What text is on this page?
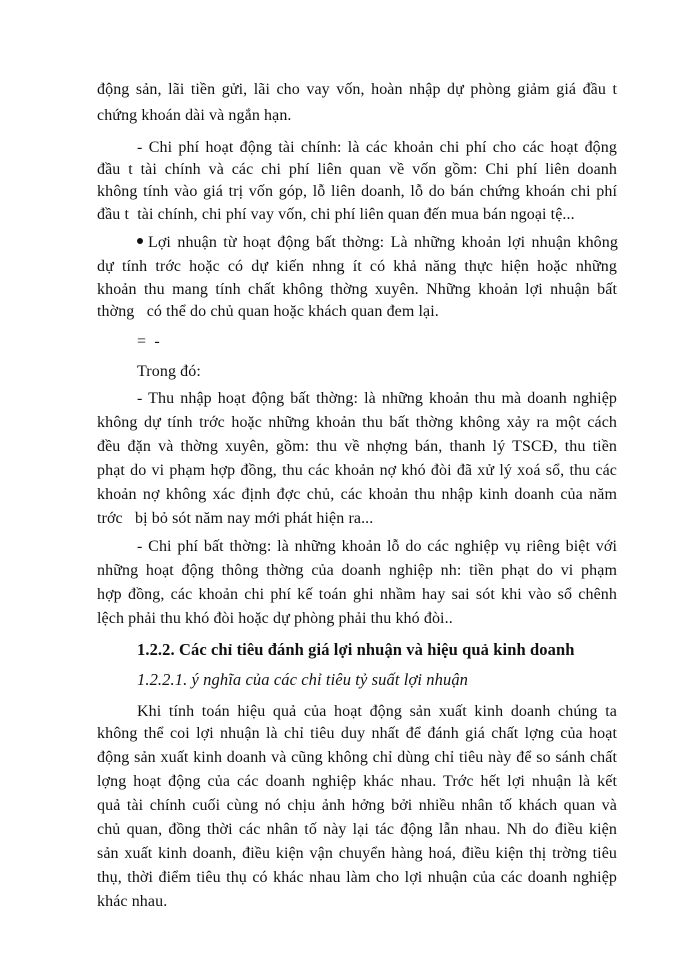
động sản, lãi tiền gửi, lãi cho vay vốn, hoàn nhập dự phòng giảm giá đầu t
chứng khoán dài và ngắn hạn.
- Chi phí hoạt động tài chính: là các khoản chi phí cho các hoạt động
đầu t tài chính và các chi phí liên quan về vốn gồm: Chi phí liên doanh
không tính vào giá trị vốn góp, lỗ liên doanh, lỗ do bán chứng khoán chi phí
đầu t  tài chính, chi phí vay vốn, chi phí liên quan đến mua bán ngoại tệ...
Lợi nhuận từ hoạt động bất thờng: Là những khoản lợi nhuận không
dự tính trớc hoặc có dự kiến nhng ít có khả năng thực hiện hoặc những
khoản thu mang tính chất không thờng xuyên. Những khoản lợi nhuận bất
thờng   có thể do chủ quan hoặc khách quan đem lại.
=  -
Trong đó:
- Thu nhập hoạt động bất thờng: là những khoản thu mà doanh nghiệp
không dự tính trớc hoặc những khoản thu bất thờng không xảy ra một cách
đều đặn và thờng xuyên, gồm: thu về nhợng bán, thanh lý TSCĐ, thu tiền
phạt do vi phạm hợp đồng, thu các khoản nợ khó đòi đã xử lý xoá sổ, thu các
khoản nợ không xác định đợc chủ, các khoản thu nhập kinh doanh của năm
trớc   bị bỏ sót năm nay mới phát hiện ra...
- Chi phí bất thờng: là những khoản lỗ do các nghiệp vụ riêng biệt với
những hoạt động thông thờng của doanh nghiệp nh: tiền phạt do vi phạm
hợp đồng, các khoản chi phí kế toán ghi nhầm hay sai sót khi vào sổ chênh
lệch phải thu khó đòi hoặc dự phòng phải thu khó đòi..
1.2.2. Các chỉ tiêu đánh giá lợi nhuận và hiệu quả kinh doanh
1.2.2.1. ý nghĩa của các chỉ tiêu tỷ suất lợi nhuận
Khi tính toán hiệu quả của hoạt động sản xuất kinh doanh chúng ta
không thể coi lợi nhuận là chỉ tiêu duy nhất để đánh giá chất lợng của hoạt
động sản xuất kinh doanh và cũng không chỉ dùng chỉ tiêu này để so sánh chất
lợng hoạt động của các doanh nghiệp khác nhau. Trớc hết lợi nhuận là kết
quả tài chính cuối cùng nó chịu ảnh hởng bởi nhiều nhân tố khách quan và
chủ quan, đồng thời các nhân tố này lại tác động lẫn nhau. Nh do điều kiện
sản xuất kinh doanh, điều kiện vận chuyển hàng hoá, điều kiện thị trờng tiêu
thụ, thời điểm tiêu thụ có khác nhau làm cho lợi nhuận của các doanh nghiệp
khác nhau.
